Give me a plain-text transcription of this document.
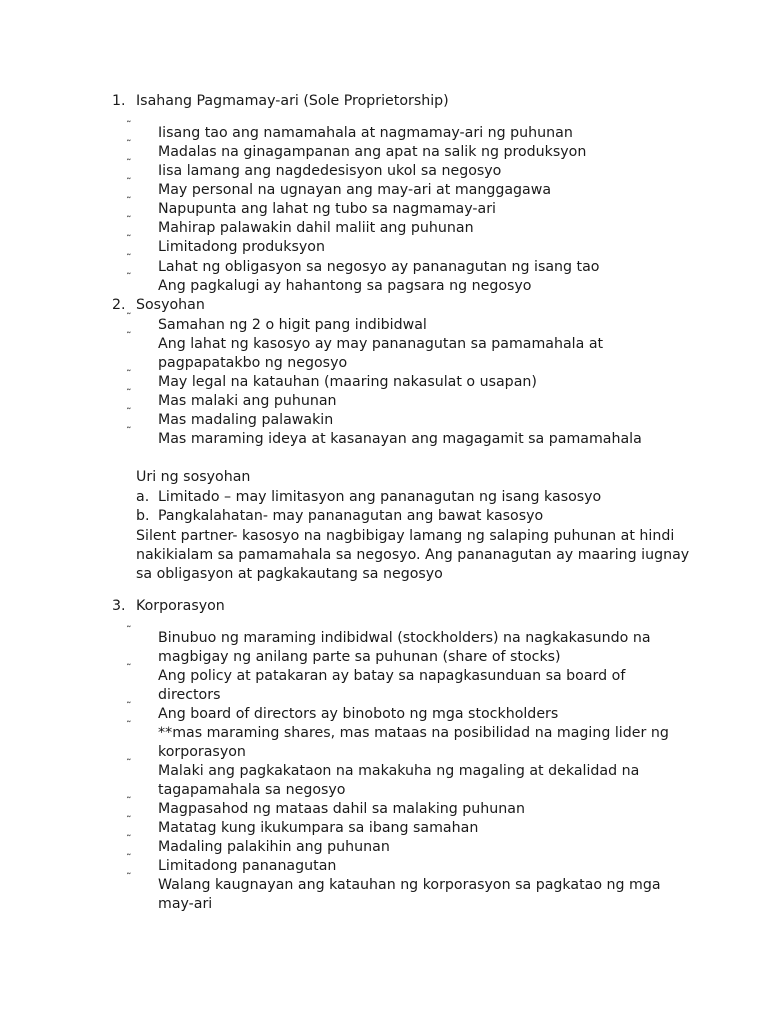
1. Isahang Pagmamay-ari (Sole Proprietorship)
˜ Iisang tao ang namamahala at nagmamay-ari ng puhunan
˜ Madalas na ginagampanan ang apat na salik ng produksyon
˜ Iisa lamang ang nagdedesisyon ukol sa negosyo
˜ May personal na ugnayan ang may-ari at manggagawa
˜ Napupunta ang lahat ng tubo sa nagmamay-ari
˜ Mahirap palawakin dahil maliit ang puhunan
˜ Limitadong produksyon
˜
Lahat ng obligasyon sa negosyo ay pananagutan ng isang tao
˜
Ang pagkalugi ay hahantong sa pagsara ng negosyo
2. Sosyohan
˜ Samahan ng 2 o higit pang indibidwal
˜ Ang lahat ng kasosyo ay may pananagutan sa pamamahala at
pagpapatakbo ng negosyo
˜ May legal na katauhan (maaring nakasulat o usapan)
˜ Mas malaki ang puhunan
˜ Mas madaling palawakin
˜ Mas maraming ideya at kasanayan ang magagamit sa pamamahala
Uri ng sosyohan
a. Limitado – may limitasyon ang pananagutan ng isang kasosyo
b. Pangkalahatan- may pananagutan ang bawat kasosyo
Silent partner- kasosyo na nagbibigay lamang ng salaping puhunan at hindi
nakikialam sa pamamahala sa negosyo. Ang pananagutan ay maaring iugnay
sa obligasyon at pagkakautang sa negosyo
3. Korporasyon
˜ Binubuo ng maraming indibidwal (stockholders) na nagkakasundo na
magbigay ng anilang parte sa puhunan (share of stocks)
˜ Ang policy at patakaran ay batay sa napagkasunduan sa board of
directors
˜ Ang board of directors ay binoboto ng mga stockholders
˜ **mas maraming shares, mas mataas na posibilidad na maging lider ng
korporasyon
˜ Malaki ang pagkakataon na makakuha ng magaling at dekalidad na
tagapamahala sa negosyo
˜ Magpasahod ng mataas dahil sa malaking puhunan
˜ Matatag kung ikukumpara sa ibang samahan
˜ Madaling palakihin ang puhunan
˜ Limitadong pananagutan
˜ Walang kaugnayan ang katauhan ng korporasyon sa pagkatao ng mga
may-ari
